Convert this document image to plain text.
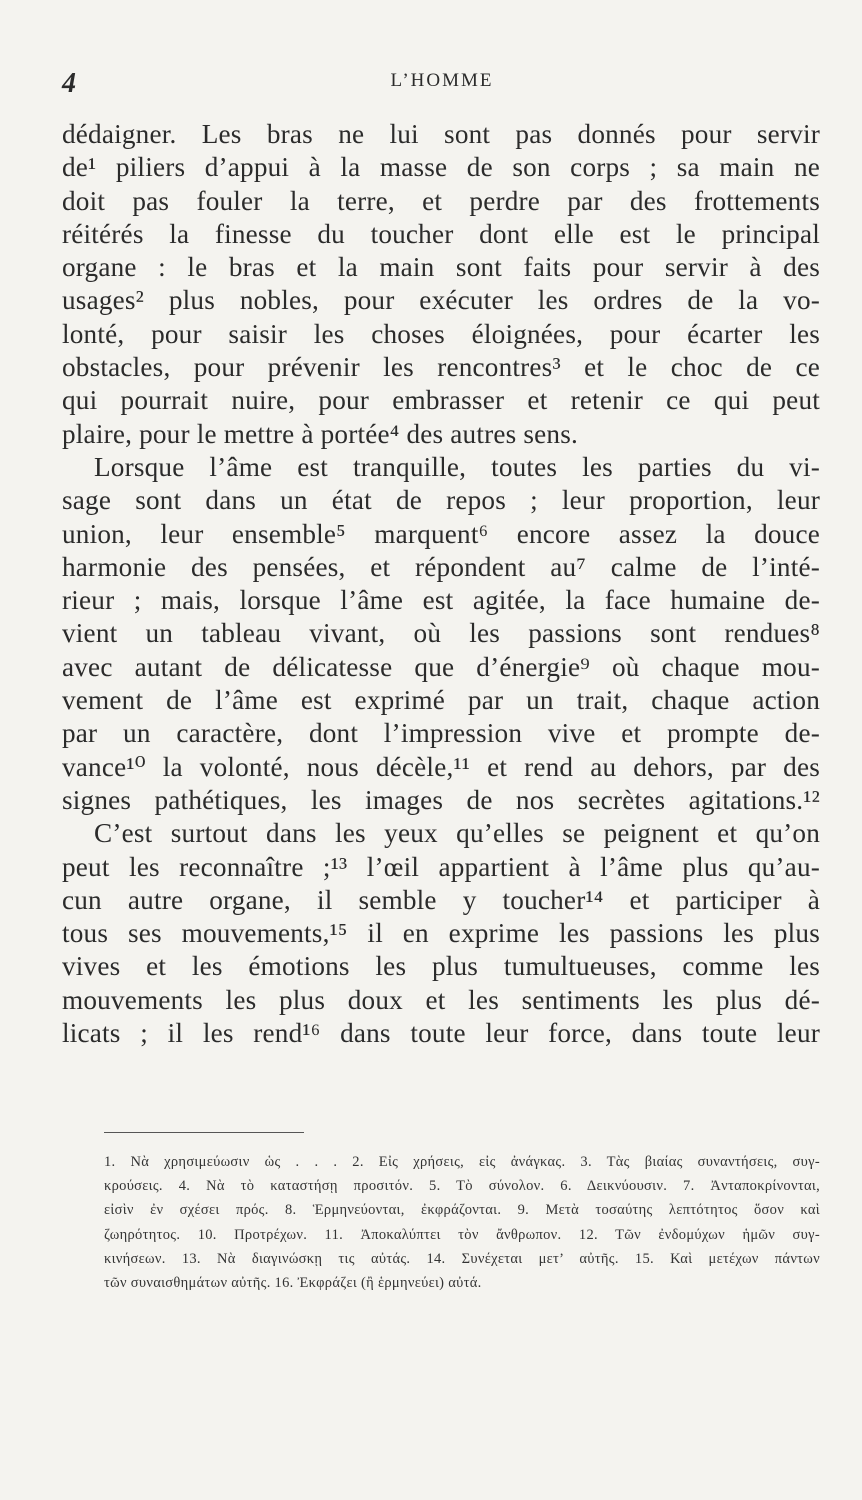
4	L’HOMME
dédaigner. Les bras ne lui sont pas donnés pour servir
de¹ piliers d’appui à la masse de son corps ; sa main ne
doit pas fouler la terre, et perdre par des frottements
réitérés la finesse du toucher dont elle est le principal
organe : le bras et la main sont faits pour servir à des
usages² plus nobles, pour exécuter les ordres de la vo-
lonté, pour saisir les choses éloignées, pour écarter les
obstacles, pour prévenir les rencontres³ et le choc de ce
qui pourrait nuire, pour embrasser et retenir ce qui peut
plaire, pour le mettre à portée⁴ des autres sens.
Lorsque l’âme est tranquille, toutes les parties du vi-
sage sont dans un état de repos ; leur proportion, leur
union, leur ensemble⁵ marquent⁶ encore assez la douce
harmonie des pensées, et répondent au⁷ calme de l’inté-
rieur ; mais, lorsque l’âme est agitée, la face humaine de-
vient un tableau vivant, où les passions sont rendues⁸
avec autant de délicatesse que d’énergie⁹ où chaque mou-
vement de l’âme est exprimé par un trait, chaque action
par un caractère, dont l’impression vive et prompte de-
vance¹⁰ la volonté, nous décèle,¹¹ et rend au dehors, par des
signes pathétiques, les images de nos secrètes agitations.¹²
C’est surtout dans les yeux qu’elles se peignent et qu’on
peut les reconnaître ;¹³ l’œil appartient à l’âme plus qu’au-
cun autre organe, il semble y toucher¹⁴ et participer à
tous ses mouvements,¹⁵ il en exprime les passions les plus
vives et les émotions les plus tumultueuses, comme les
mouvements les plus doux et les sentiments les plus dé-
licats ; il les rend¹⁶ dans toute leur force, dans toute leur
1. Νὰ χρησιμεύωσιν ὡς . . . 2. Εἰς χρήσεις, εἰς ἀνάγκας. 3. Τὰς βιαίας συναντήσεις, συγ-
κρούσεις. 4. Νὰ τὸ καταστήσῃ προσιτόν. 5. Τὸ σύνολον. 6. Δεικνύουσιν. 7. Ἀνταποκρίνονται,
εἰσὶν ἐν σχέσει πρός. 8. Ἑρμηνεύονται, ἐκφράζονται. 9. Μετὰ τοσαύτης λεπτότητος ὅσον καὶ
ζωηρότητος. 10. Προτρέχων. 11. Ἀποκαλύπτει τὸν ἄνθρωπον. 12. Τῶν ἐνδομύχων ἡμῶν συγ-
κινήσεων. 13. Νὰ διαγινώσκῃ τις αὐτάς. 14. Συνέχεται μετ’ αὐτῆς. 15. Καὶ μετέχων πάντων
τῶν συναισθημάτων αὐτῆς. 16. Ἐκφράζει (ἢ ἑρμηνεύει) αὐτά.
